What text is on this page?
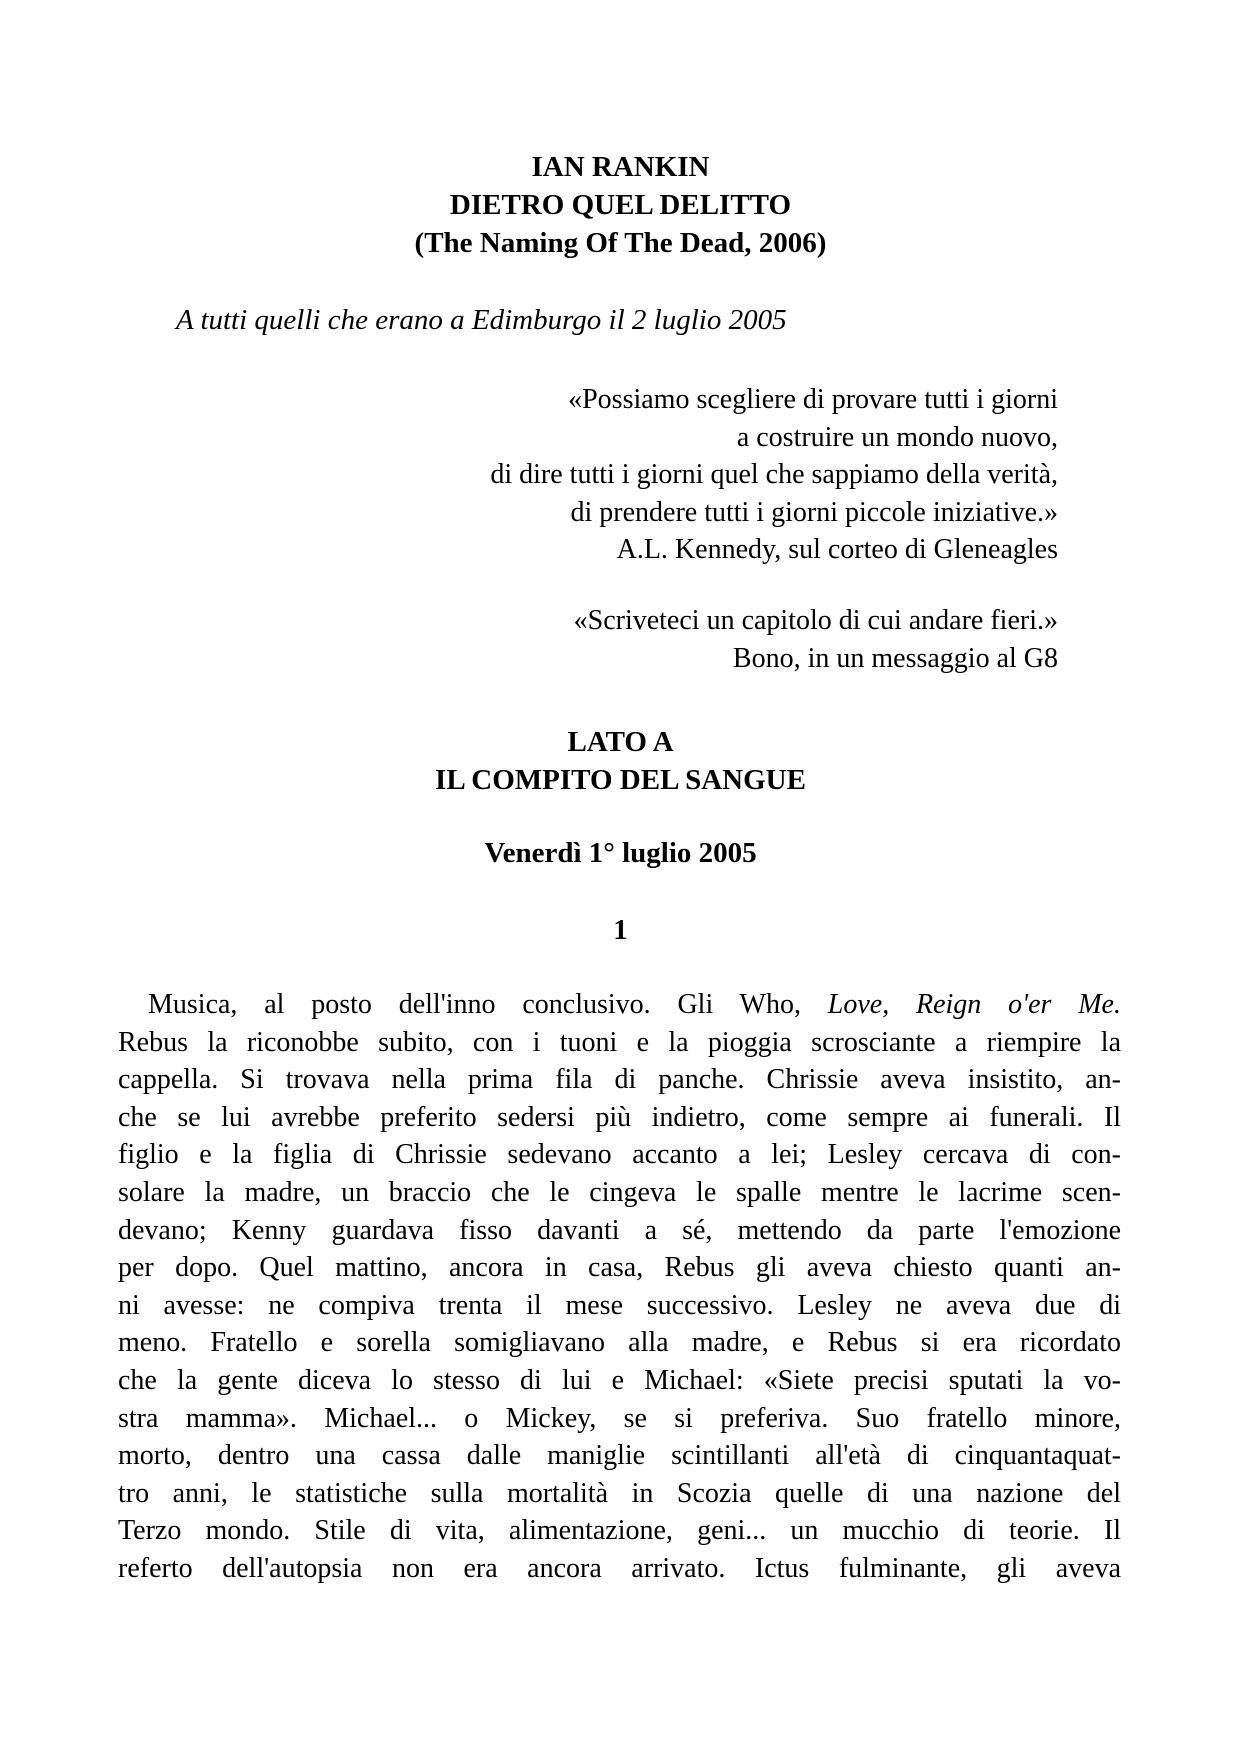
IAN RANKIN
DIETRO QUEL DELITTO
(The Naming Of The Dead, 2006)
A tutti quelli che erano a Edimburgo il 2 luglio 2005
«Possiamo scegliere di provare tutti i giorni
a costruire un mondo nuovo,
di dire tutti i giorni quel che sappiamo della verità,
di prendere tutti i giorni piccole iniziative.»
A.L. Kennedy, sul corteo di Gleneagles
«Scriveteci un capitolo di cui andare fieri.»
Bono, in un messaggio al G8
LATO A
IL COMPITO DEL SANGUE
Venerdì 1° luglio 2005
1
Musica, al posto dell'inno conclusivo. Gli Who, Love, Reign o'er Me.
Rebus la riconobbe subito, con i tuoni e la pioggia scrosciante a riempire la
cappella. Si trovava nella prima fila di panche. Chrissie aveva insistito, an-
che se lui avrebbe preferito sedersi più indietro, come sempre ai funerali. Il
figlio e la figlia di Chrissie sedevano accanto a lei; Lesley cercava di con-
solare la madre, un braccio che le cingeva le spalle mentre le lacrime scen-
devano; Kenny guardava fisso davanti a sé, mettendo da parte l'emozione
per dopo. Quel mattino, ancora in casa, Rebus gli aveva chiesto quanti an-
ni avesse: ne compiva trenta il mese successivo. Lesley ne aveva due di
meno. Fratello e sorella somigliavano alla madre, e Rebus si era ricordato
che la gente diceva lo stesso di lui e Michael: «Siete precisi sputati la vo-
stra mamma». Michael... o Mickey, se si preferiva. Suo fratello minore,
morto, dentro una cassa dalle maniglie scintillanti all'età di cinquantaquat-
tro anni, le statistiche sulla mortalità in Scozia quelle di una nazione del
Terzo mondo. Stile di vita, alimentazione, geni... un mucchio di teorie. Il
referto dell'autopsia non era ancora arrivato. Ictus fulminante, gli aveva
